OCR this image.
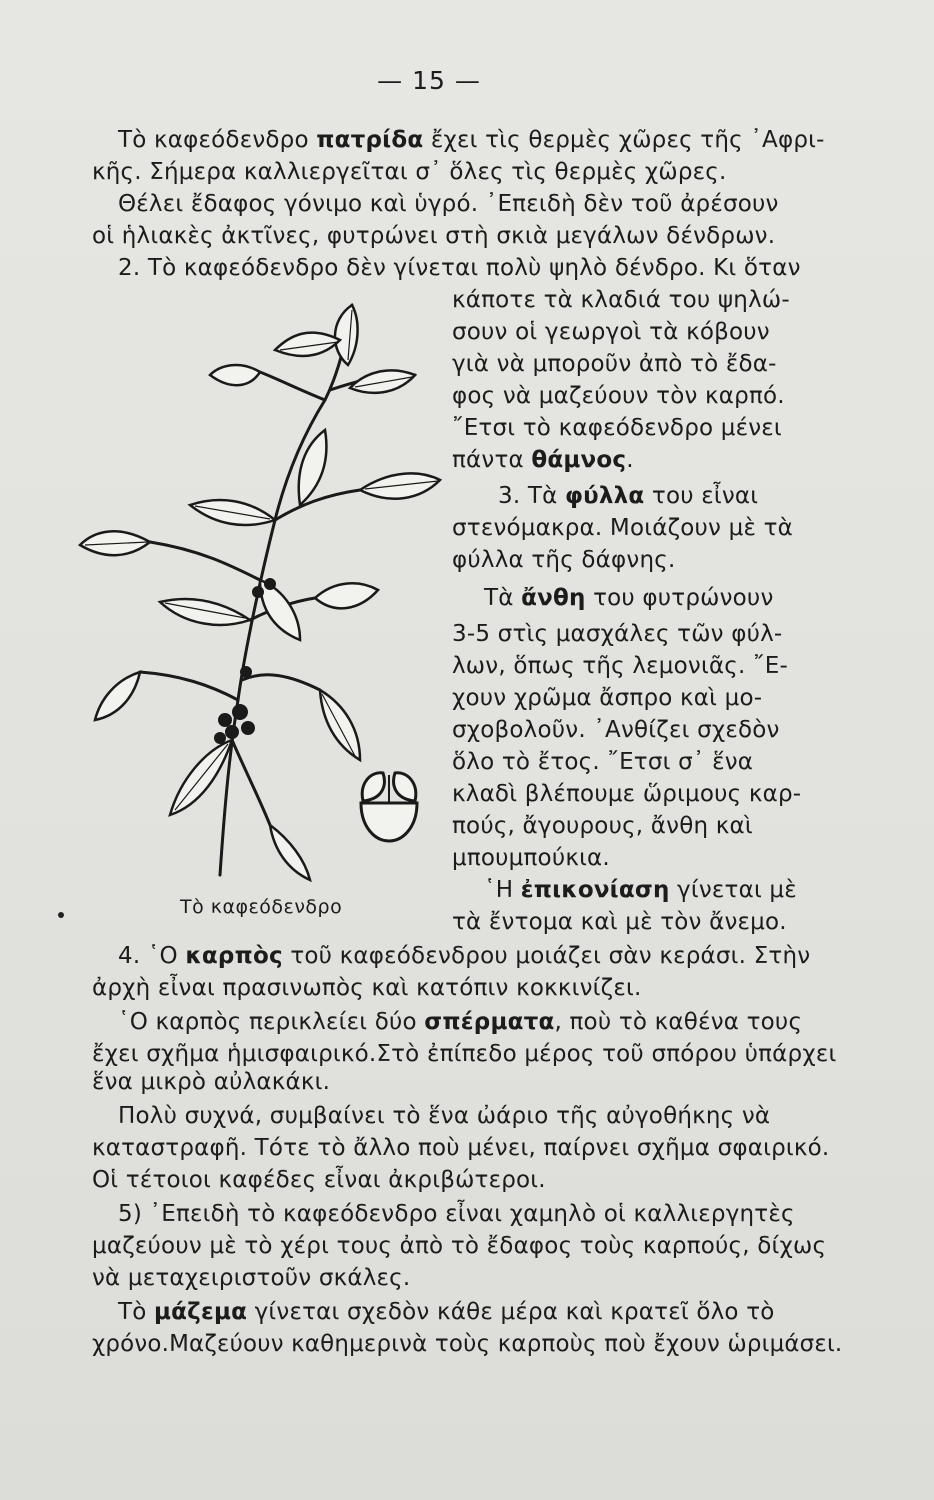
— 15 —
Τὸ καφεόδενδρο
Τὸ καφεόδενδρο πατρίδα ἔχει τὶς θερμὲς χῶρες τῆς ᾿Αφρι-
κῆς. Σήμερα καλλιεργεῖται σ᾿ ὅλες τὶς θερμὲς χῶρες.
Θέλει ἔδαφος γόνιμο καὶ ὑγρό. ᾿Επειδὴ δὲν τοῦ ἀρέσουν
οἱ ἡλιακὲς ἀκτῖνες, φυτρώνει στὴ σκιὰ μεγάλων δένδρων.
2. Τὸ καφεόδενδρο δὲν γίνεται πολὺ ψηλὸ δένδρο. Κι ὅταν
κάποτε τὰ κλαδιά του ψηλώ-
σουν οἱ γεωργοὶ τὰ κόβουν
γιὰ νὰ μποροῦν ἀπὸ τὸ ἔδα-
φος νὰ μαζεύουν τὸν καρπό.
῎Ετσι τὸ καφεόδενδρο μένει
πάντα θάμνος.
3. Τὰ φύλλα του εἶναι
στενόμακρα. Μοιάζουν μὲ τὰ
φύλλα τῆς δάφνης.
Τὰ ἄνθη του φυτρώνουν
3-5 στὶς μασχάλες τῶν φύλ-
λων, ὅπως τῆς λεμονιᾶς. ῎Ε-
χουν χρῶμα ἄσπρο καὶ μο-
σχοβολοῦν. ᾿Ανθίζει σχεδὸν
ὅλο τὸ ἔτος. ῎Ετσι σ᾿ ἕνα
κλαδὶ βλέπουμε ὥριμους καρ-
πούς, ἄγουρους, ἄνθη καὶ
μπουμπούκια.
῾Η ἐπικονίαση γίνεται μὲ
τὰ ἔντομα καὶ μὲ τὸν ἄνεμο.
4. ῾Ο καρπὸς τοῦ καφεόδενδρου μοιάζει σὰν κεράσι. Στὴν
ἀρχὴ εἶναι πρασινωπὸς καὶ κατόπιν κοκκινίζει.
῾Ο καρπὸς περικλείει δύο σπέρματα, ποὺ τὸ καθένα τους
ἔχει σχῆμα ἡμισφαιρικό.Στὸ ἐπίπεδο μέρος τοῦ σπόρου ὑπάρχει
ἕνα μικρὸ αὐλακάκι.
Πολὺ συχνά, συμβαίνει τὸ ἕνα ὠάριο τῆς αὐγοθήκης νὰ
καταστραφῆ. Τότε τὸ ἄλλο ποὺ μένει, παίρνει σχῆμα σφαιρικό.
Οἱ τέτοιοι καφέδες εἶναι ἀκριβώτεροι.
5) ᾿Επειδὴ τὸ καφεόδενδρο εἶναι χαμηλὸ οἱ καλλιεργητὲς
μαζεύουν μὲ τὸ χέρι τους ἀπὸ τὸ ἔδαφος τοὺς καρπούς, δίχως
νὰ μεταχειριστοῦν σκάλες.
Τὸ μάζεμα γίνεται σχεδὸν κάθε μέρα καὶ κρατεῖ ὅλο τὸ
χρόνο.Μαζεύουν καθημερινὰ τοὺς καρποὺς ποὺ ἔχουν ὡριμάσει.
